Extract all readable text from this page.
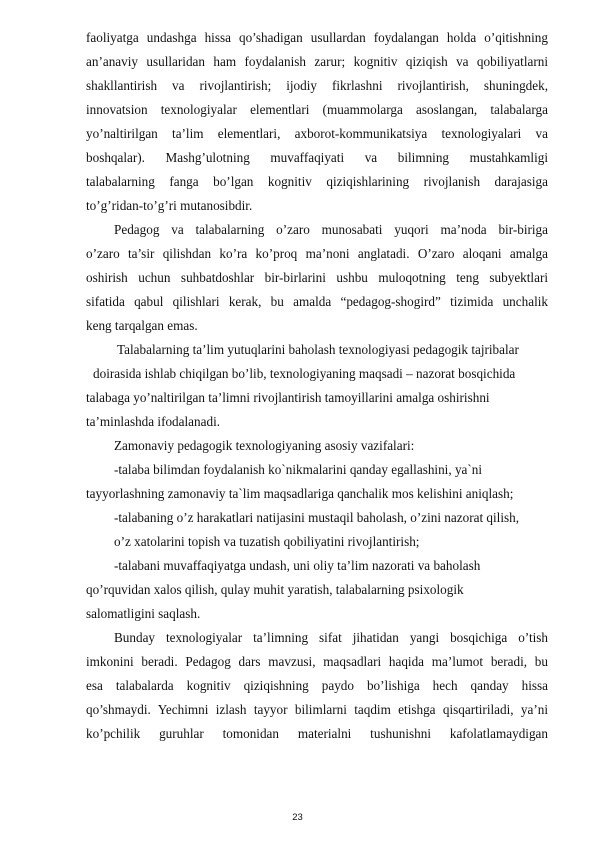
faoliyatga undashga hissa qo’shadigan usullardan foydalangan holda o’qitishning
an’anaviy usullaridan ham foydalanish zarur; kognitiv qiziqish va qobiliyatlarni
shakllantirish va rivojlantirish; ijodiy fikrlashni rivojlantirish, shuningdek,
innovatsion texnologiyalar elementlari (muammolarga asoslangan, talabalarga
yo’naltirilgan ta’lim elementlari, axborot-kommunikatsiya texnologiyalari va
boshqalar). Mashg’ulotning muvaffaqiyati va bilimning mustahkamligi
talabalarning fanga bo’lgan kognitiv qiziqishlarining rivojlanish darajasiga
to’g’ridan-to’g’ri mutanosibdir.
Pedagog va talabalarning o’zaro munosabati yuqori ma’noda bir-biriga
o’zaro ta’sir qilishdan ko’ra ko’proq ma’noni anglatadi. O’zaro aloqani amalga
oshirish uchun suhbatdoshlar bir-birlarini ushbu muloqotning teng subyektlari
sifatida qabul qilishlari kerak, bu amalda “pedagog-shogird” tizimida unchalik
keng tarqalgan emas.
Talabalarning ta’lim yutuqlarini baholash texnologiyasi pedagogik tajribalar
doirasida ishlab chiqilgan bo’lib, texnologiyaning maqsadi – nazorat bosqichida
talabaga yo’naltirilgan ta’limni rivojlantirish tamoyillarini amalga oshirishni
ta’minlashda ifodalanadi.
Zamonaviy pedagogik texnologiyaning asosiy vazifalari:
-talaba bilimdan foydalanish ko`nikmalarini qanday egallashini, ya`ni
tayyorlashning zamonaviy ta`lim maqsadlariga qanchalik mos kelishini aniqlash;
-talabaning o’z harakatlari natijasini mustaqil baholash, o’zini nazorat qilish,
o’z xatolarini topish va tuzatish qobiliyatini rivojlantirish;
-talabani muvaffaqiyatga undash, uni oliy ta’lim nazorati va baholash
qo’rquvidan xalos qilish, qulay muhit yaratish, talabalarning psixologik
salomatligini saqlash.
Bunday texnologiyalar ta’limning sifat jihatidan yangi bosqichiga o’tish
imkonini beradi. Pedagog dars mavzusi, maqsadlari haqida ma’lumot beradi, bu
esa talabalarda kognitiv qiziqishning paydo bo’lishiga hech qanday hissa
qo’shmaydi. Yechimni izlash tayyor bilimlarni taqdim etishga qisqartiriladi, ya’ni
ko’pchilik guruhlar tomonidan materialni tushunishni kafolatlamaydigan
23
